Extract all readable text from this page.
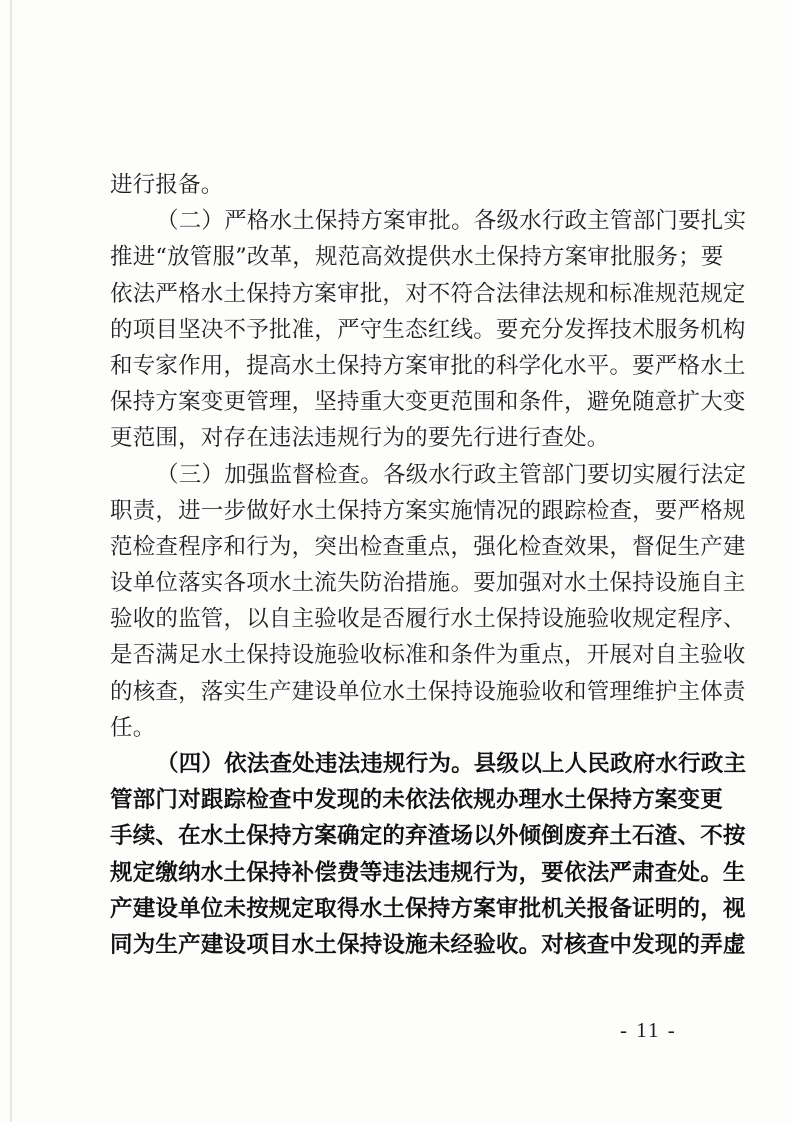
进行报备。
（二）严格水土保持方案审批。各级水行政主管部门要扎实
推进“放管服”改革，规范高效提供水土保持方案审批服务；要
依法严格水土保持方案审批，对不符合法律法规和标准规范规定
的项目坚决不予批准，严守生态红线。要充分发挥技术服务机构
和专家作用，提高水土保持方案审批的科学化水平。要严格水土
保持方案变更管理，坚持重大变更范围和条件，避免随意扩大变
更范围，对存在违法违规行为的要先行进行查处。
（三）加强监督检查。各级水行政主管部门要切实履行法定
职责，进一步做好水土保持方案实施情况的跟踪检查，要严格规
范检查程序和行为，突出检查重点，强化检查效果，督促生产建
设单位落实各项水土流失防治措施。要加强对水土保持设施自主
验收的监管，以自主验收是否履行水土保持设施验收规定程序、
是否满足水土保持设施验收标准和条件为重点，开展对自主验收
的核查，落实生产建设单位水土保持设施验收和管理维护主体责
任。
（四）依法查处违法违规行为。县级以上人民政府水行政主
管部门对跟踪检查中发现的未依法依规办理水土保持方案变更
手续、在水土保持方案确定的弃渣场以外倾倒废弃土石渣、不按
规定缴纳水土保持补偿费等违法违规行为，要依法严肃查处。生
产建设单位未按规定取得水土保持方案审批机关报备证明的，视
同为生产建设项目水土保持设施未经验收。对核查中发现的弄虚
- 11 -
